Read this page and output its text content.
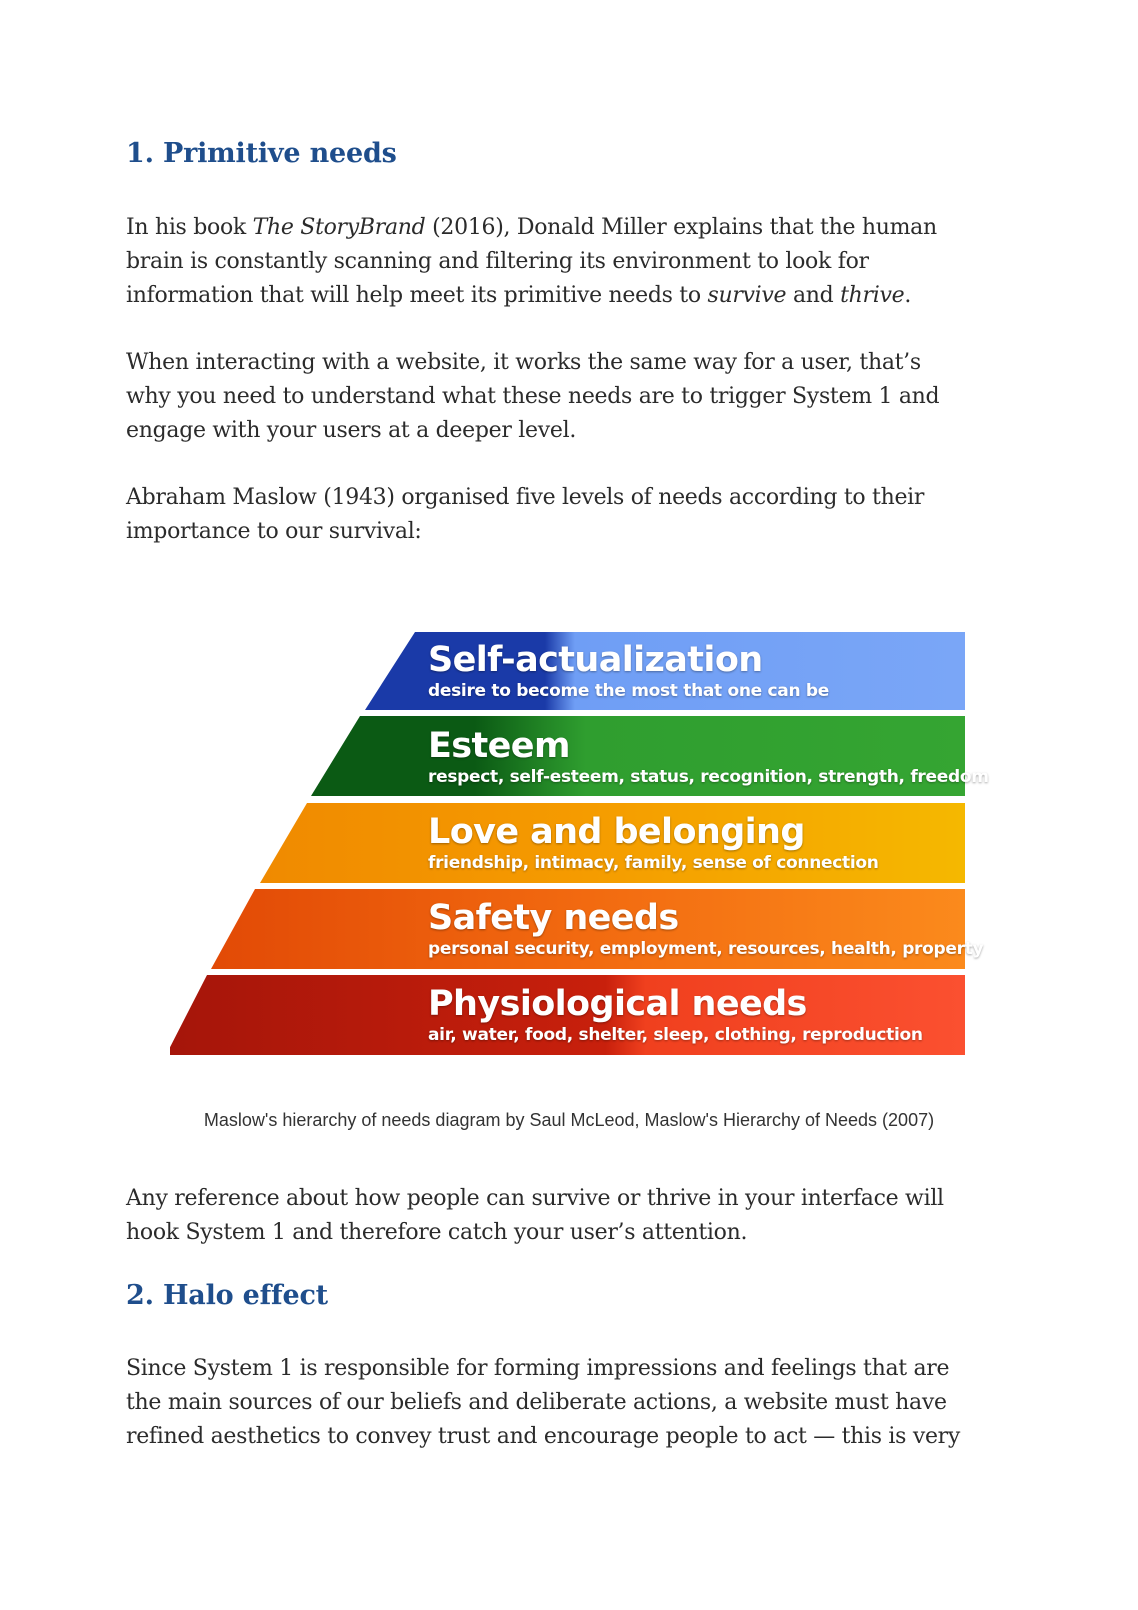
1. Primitive needs

In his book The StoryBrand (2016), Donald Miller explains that the human
brain is constantly scanning and filtering its environment to look for
information that will help meet its primitive needs to survive and thrive.

When interacting with a website, it works the same way for a user, that’s
why you need to understand what these needs are to trigger System 1 and
engage with your users at a deeper level.

Abraham Maslow (1943) organised five levels of needs according to their
importance to our survival:

Self-actualization
desire to become the most that one can be
Esteem
respect, self-esteem, status, recognition, strength, freedom
Love and belonging
friendship, intimacy, family, sense of connection
Safety needs
personal security, employment, resources, health, property
Physiological needs
air, water, food, shelter, sleep, clothing, reproduction
Maslow's hierarchy of needs diagram by Saul McLeod, Maslow's Hierarchy of Needs (2007)

Any reference about how people can survive or thrive in your interface will
hook System 1 and therefore catch your user’s attention.

2. Halo effect

Since System 1 is responsible for forming impressions and feelings that are
the main sources of our beliefs and deliberate actions, a website must have
refined aesthetics to convey trust and encourage people to act — this is very
